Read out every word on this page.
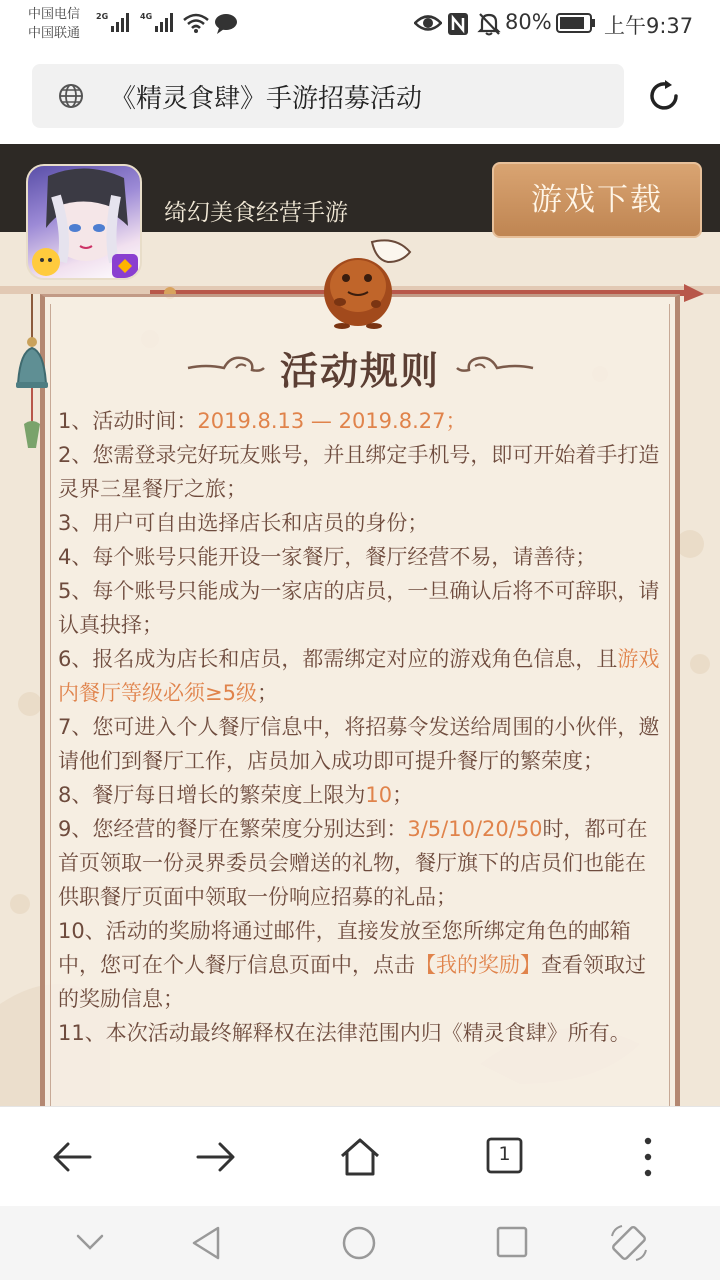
中国电信
中国联通
2G	4G	80% 上午9:37
《精灵食肆》手游招募活动
绮幻美食经营手游	游戏下载
活动规则

1、活动时间：2019.8.13 — 2019.8.27；

2、您需登录完好玩友账号，并且绑定手机号，即可开始着手打造灵界三星餐厅之旅；

3、用户可自由选择店长和店员的身份；

4、每个账号只能开设一家餐厅，餐厅经营不易，请善待；

5、每个账号只能成为一家店的店员，一旦确认后将不可辞职，请认真抉择；

6、报名成为店长和店员，都需绑定对应的游戏角色信息，且游戏内餐厅等级必须≥5级；

7、您可进入个人餐厅信息中，将招募令发送给周围的小伙伴，邀请他们到餐厅工作，店员加入成功即可提升餐厅的繁荣度；

8、餐厅每日增长的繁荣度上限为10；

9、您经营的餐厅在繁荣度分别达到：3/5/10/20/50时，都可在首页领取一份灵界委员会赠送的礼物，餐厅旗下的店员们也能在供职餐厅页面中领取一份响应招募的礼品；

10、活动的奖励将通过邮件，直接发放至您所绑定角色的邮箱中，您可在个人餐厅信息页面中，点击【我的奖励】查看领取过的奖励信息；

11、本次活动最终解释权在法律范围内归《精灵食肆》所有。

1
